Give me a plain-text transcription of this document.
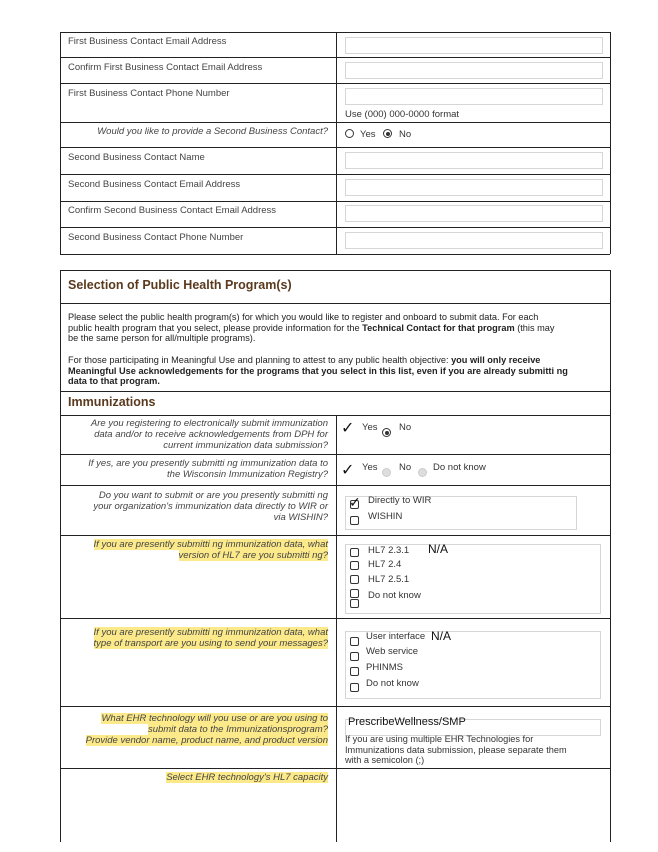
First Business Contact Email Address
Confirm First Business Contact Email Address
First Business Contact Phone Number
Use (000) 000-0000 format
Would you like to provide a Second Business Contact?	Yes No
Second Business Contact Name
Second Business Contact Email Address
Confirm Second Business Contact Email Address
Second Business Contact Phone Number
Selection of Public Health Program(s)
Please select the public health program(s) for which you would like to register and onboard to submit data. For each
public health program that you select, please provide information for the Technical Contact for that program (this may
be the same person for all/multiple programs).
For those participating in Meaningful Use and planning to attest to any public health objective: you will only receive
Meaningful Use acknowledgements for the programs that you select in this list, even if you are already submitti ng
data to that program.
Immunizations
Are you registering to electronically submit immunization
data and/or to receive acknowledgements from DPH for
current immunization data submission?
✓ Yes No
If yes, are you presently submitti ng immunization data to
the Wisconsin Immunization Registry? ✓ Yes No Do not know
Do you want to submit or are you presently submitti ng
your organization's immunization data directly to WIR or
via WISHIN?
✓ Directly to WIR
WISHIN
If you are presently submitti ng immunization data, what
version of HL7 are you submitti ng?	HL7 2.3.1 N/A
HL7 2.4
HL7 2.5.1
Do not know
If you are presently submitti ng immunization data, what
type of transport are you using to send your messages?
User interface N/A
Web service
PHINMS
Do not know
What EHR technology will you use or are you using to
submit data to the Immunizationsprogram?
Provide vendor name, product name, and product version
PrescribeWellness/SMP
If you are using multiple EHR Technologies for
Immunizations data submission, please separate them
with a semicolon (;)
Select EHR technology's HL7 capacity
